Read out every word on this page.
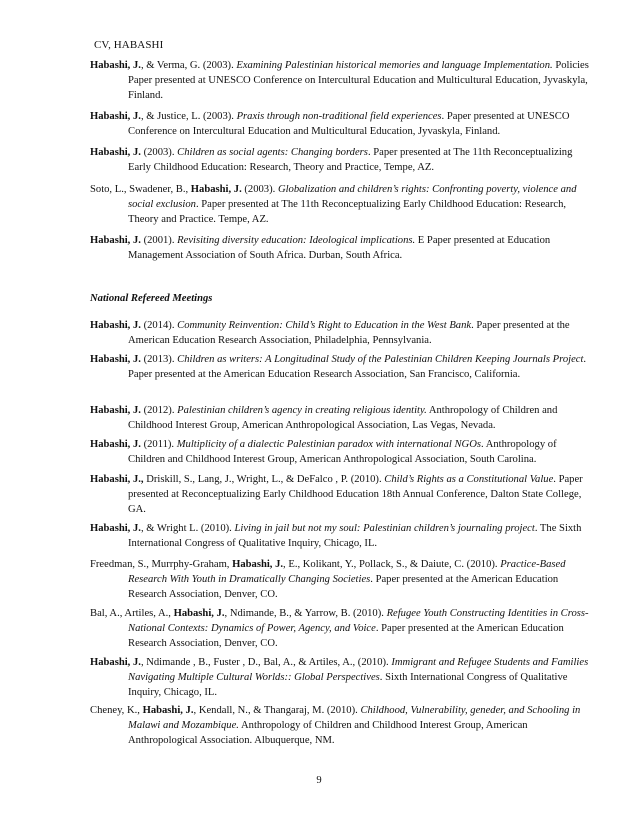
CV, HABASHI

Habashi, J., & Verma, G. (2003). Examining Palestinian historical memories and language Implementation. Policies Paper presented at UNESCO Conference on Intercultural Education and Multicultural Education, Jyvaskyla, Finland.

Habashi, J., & Justice, L. (2003). Praxis through non-traditional field experiences. Paper presented at UNESCO Conference on Intercultural Education and Multicultural Education, Jyvaskyla, Finland.

Habashi, J. (2003). Children as social agents: Changing borders. Paper presented at The 11th Reconceptualizing Early Childhood Education: Research, Theory and Practice, Tempe, AZ.

Soto, L., Swadener, B., Habashi, J. (2003). Globalization and children’s rights: Confronting poverty, violence and social exclusion. Paper presented at The 11th Reconceptualizing Early Childhood Education: Research, Theory and Practice. Tempe, AZ.

Habashi, J. (2001). Revisiting diversity education: Ideological implications. E Paper presented at Education Management Association of South Africa. Durban, South Africa.

National Refereed Meetings

Habashi, J. (2014). Community Reinvention: Child’s Right to Education in the West Bank. Paper presented at the American Education Research Association, Philadelphia, Pennsylvania.

Habashi, J. (2013). Children as writers: A Longitudinal Study of the Palestinian Children Keeping Journals Project. Paper presented at the American Education Research Association, San Francisco, California.

Habashi, J. (2012). Palestinian children’s agency in creating religious identity. Anthropology of Children and Childhood Interest Group, American Anthropological Association, Las Vegas, Nevada.

Habashi, J. (2011). Multiplicity of a dialectic Palestinian paradox with international NGOs. Anthropology of Children and Childhood Interest Group, American Anthropological Association, South Carolina.

Habashi, J., Driskill, S., Lang, J., Wright, L., & DeFalco , P. (2010). Child’s Rights as a Constitutional Value. Paper presented at Reconceptualizing Early Childhood Education 18th Annual Conference, Dalton State College, GA.

Habashi, J., & Wright L. (2010). Living in jail but not my soul: Palestinian children’s journaling project. The Sixth International Congress of Qualitative Inquiry, Chicago, IL.

Freedman, S., Murrphy-Graham, Habashi, J., E., Kolikant, Y., Pollack, S., & Daiute, C. (2010). Practice-Based Research With Youth in Dramatically Changing Societies. Paper presented at the American Education Research Association, Denver, CO.

Bal, A., Artiles, A., Habashi, J., Ndimande, B., & Yarrow, B. (2010). Refugee Youth Constructing Identities in Cross-National Contexts: Dynamics of Power, Agency, and Voice. Paper presented at the American Education Research Association, Denver, CO.

Habashi, J., Ndimande , B., Fuster , D., Bal, A., & Artiles, A., (2010). Immigrant and Refugee Students and Families Navigating Multiple Cultural Worlds:: Global Perspectives. Sixth International Congress of Qualitative Inquiry, Chicago, IL.

Cheney, K., Habashi, J., Kendall, N., & Thangaraj, M. (2010). Childhood, Vulnerability, geneder, and Schooling in Malawi and Mozambique. Anthropology of Children and Childhood Interest Group, American Anthropological Association. Albuquerque, NM.

9
